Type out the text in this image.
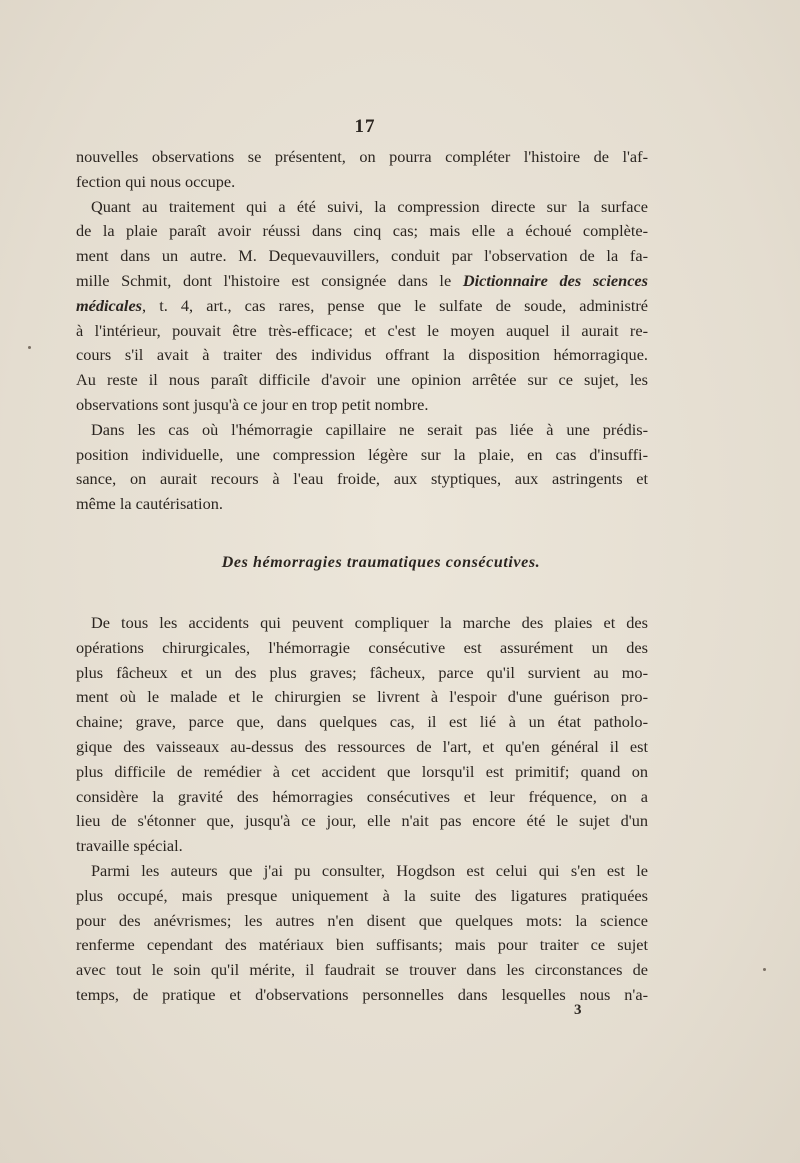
17
nouvelles observations se présentent, on pourra compléter l'histoire de l'af-
fection qui nous occupe.
Quant au traitement qui a été suivi, la compression directe sur la surface
de la plaie paraît avoir réussi dans cinq cas; mais elle a échoué complète-
ment dans un autre. M. Dequevauvillers, conduit par l'observation de la fa-
mille Schmit, dont l'histoire est consignée dans le Dictionnaire des sciences
médicales, t. 4, art., cas rares, pense que le sulfate de soude, administré
à l'intérieur, pouvait être très-efficace; et c'est le moyen auquel il aurait re-
cours s'il avait à traiter des individus offrant la disposition hémorragique.
Au reste il nous paraît difficile d'avoir une opinion arrêtée sur ce sujet, les
observations sont jusqu'à ce jour en trop petit nombre.
Dans les cas où l'hémorragie capillaire ne serait pas liée à une prédis-
position individuelle, une compression légère sur la plaie, en cas d'insuffi-
sance, on aurait recours à l'eau froide, aux styptiques, aux astringents et
même la cautérisation.
Des hémorragies traumatiques consécutives.
De tous les accidents qui peuvent compliquer la marche des plaies et des
opérations chirurgicales, l'hémorragie consécutive est assurément un des
plus fâcheux et un des plus graves; fâcheux, parce qu'il survient au mo-
ment où le malade et le chirurgien se livrent à l'espoir d'une guérison pro-
chaine; grave, parce que, dans quelques cas, il est lié à un état patholo-
gique des vaisseaux au-dessus des ressources de l'art, et qu'en général il est
plus difficile de remédier à cet accident que lorsqu'il est primitif; quand on
considère la gravité des hémorragies consécutives et leur fréquence, on a
lieu de s'étonner que, jusqu'à ce jour, elle n'ait pas encore été le sujet d'un
travaille spécial.
Parmi les auteurs que j'ai pu consulter, Hogdson est celui qui s'en est le
plus occupé, mais presque uniquement à la suite des ligatures pratiquées
pour des anévrismes; les autres n'en disent que quelques mots: la science
renferme cependant des matériaux bien suffisants; mais pour traiter ce sujet
avec tout le soin qu'il mérite, il faudrait se trouver dans les circonstances de
temps, de pratique et d'observations personnelles dans lesquelles nous n'a-
3
